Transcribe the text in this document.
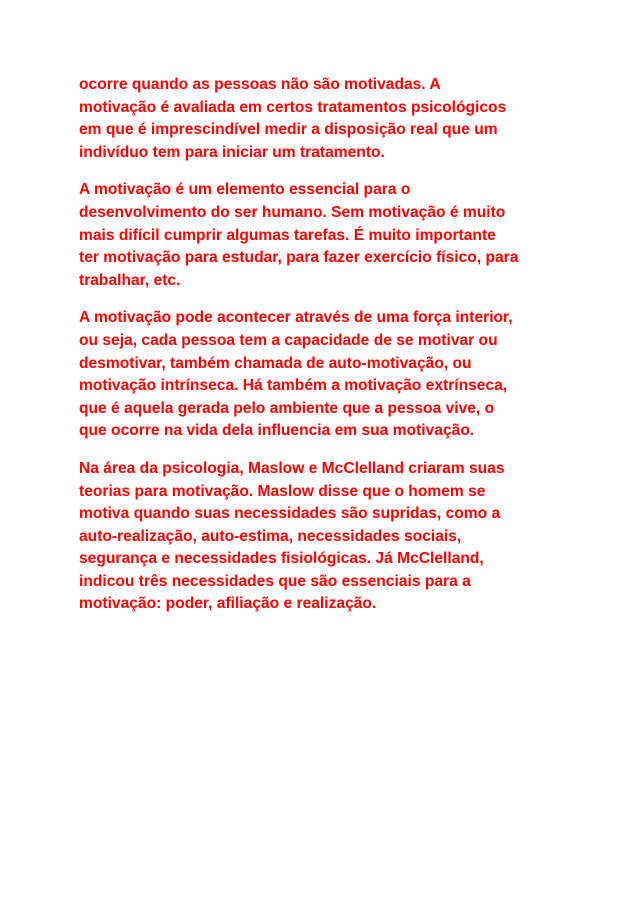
ocorre quando as pessoas não são motivadas. A
motivação é avaliada em certos tratamentos psicológicos
em que é imprescindível medir a disposição real que um
indivíduo tem para iniciar um tratamento.

A motivação é um elemento essencial para o
desenvolvimento do ser humano. Sem motivação é muito
mais difícil cumprir algumas tarefas. É muito importante
ter motivação para estudar, para fazer exercício físico, para
trabalhar, etc.

A motivação pode acontecer através de uma força interior,
ou seja, cada pessoa tem a capacidade de se motivar ou
desmotivar, também chamada de auto-motivação, ou
motivação intrínseca. Há também a motivação extrínseca,
que é aquela gerada pelo ambiente que a pessoa vive, o
que ocorre na vida dela influencia em sua motivação.

Na área da psicologia, Maslow e McClelland criaram suas
teorias para motivação. Maslow disse que o homem se
motiva quando suas necessidades são supridas, como a
auto-realização, auto-estima, necessidades sociais,
segurança e necessidades fisiológicas. Já McClelland,
indicou três necessidades que são essenciais para a
motivação: poder, afiliação e realização.
